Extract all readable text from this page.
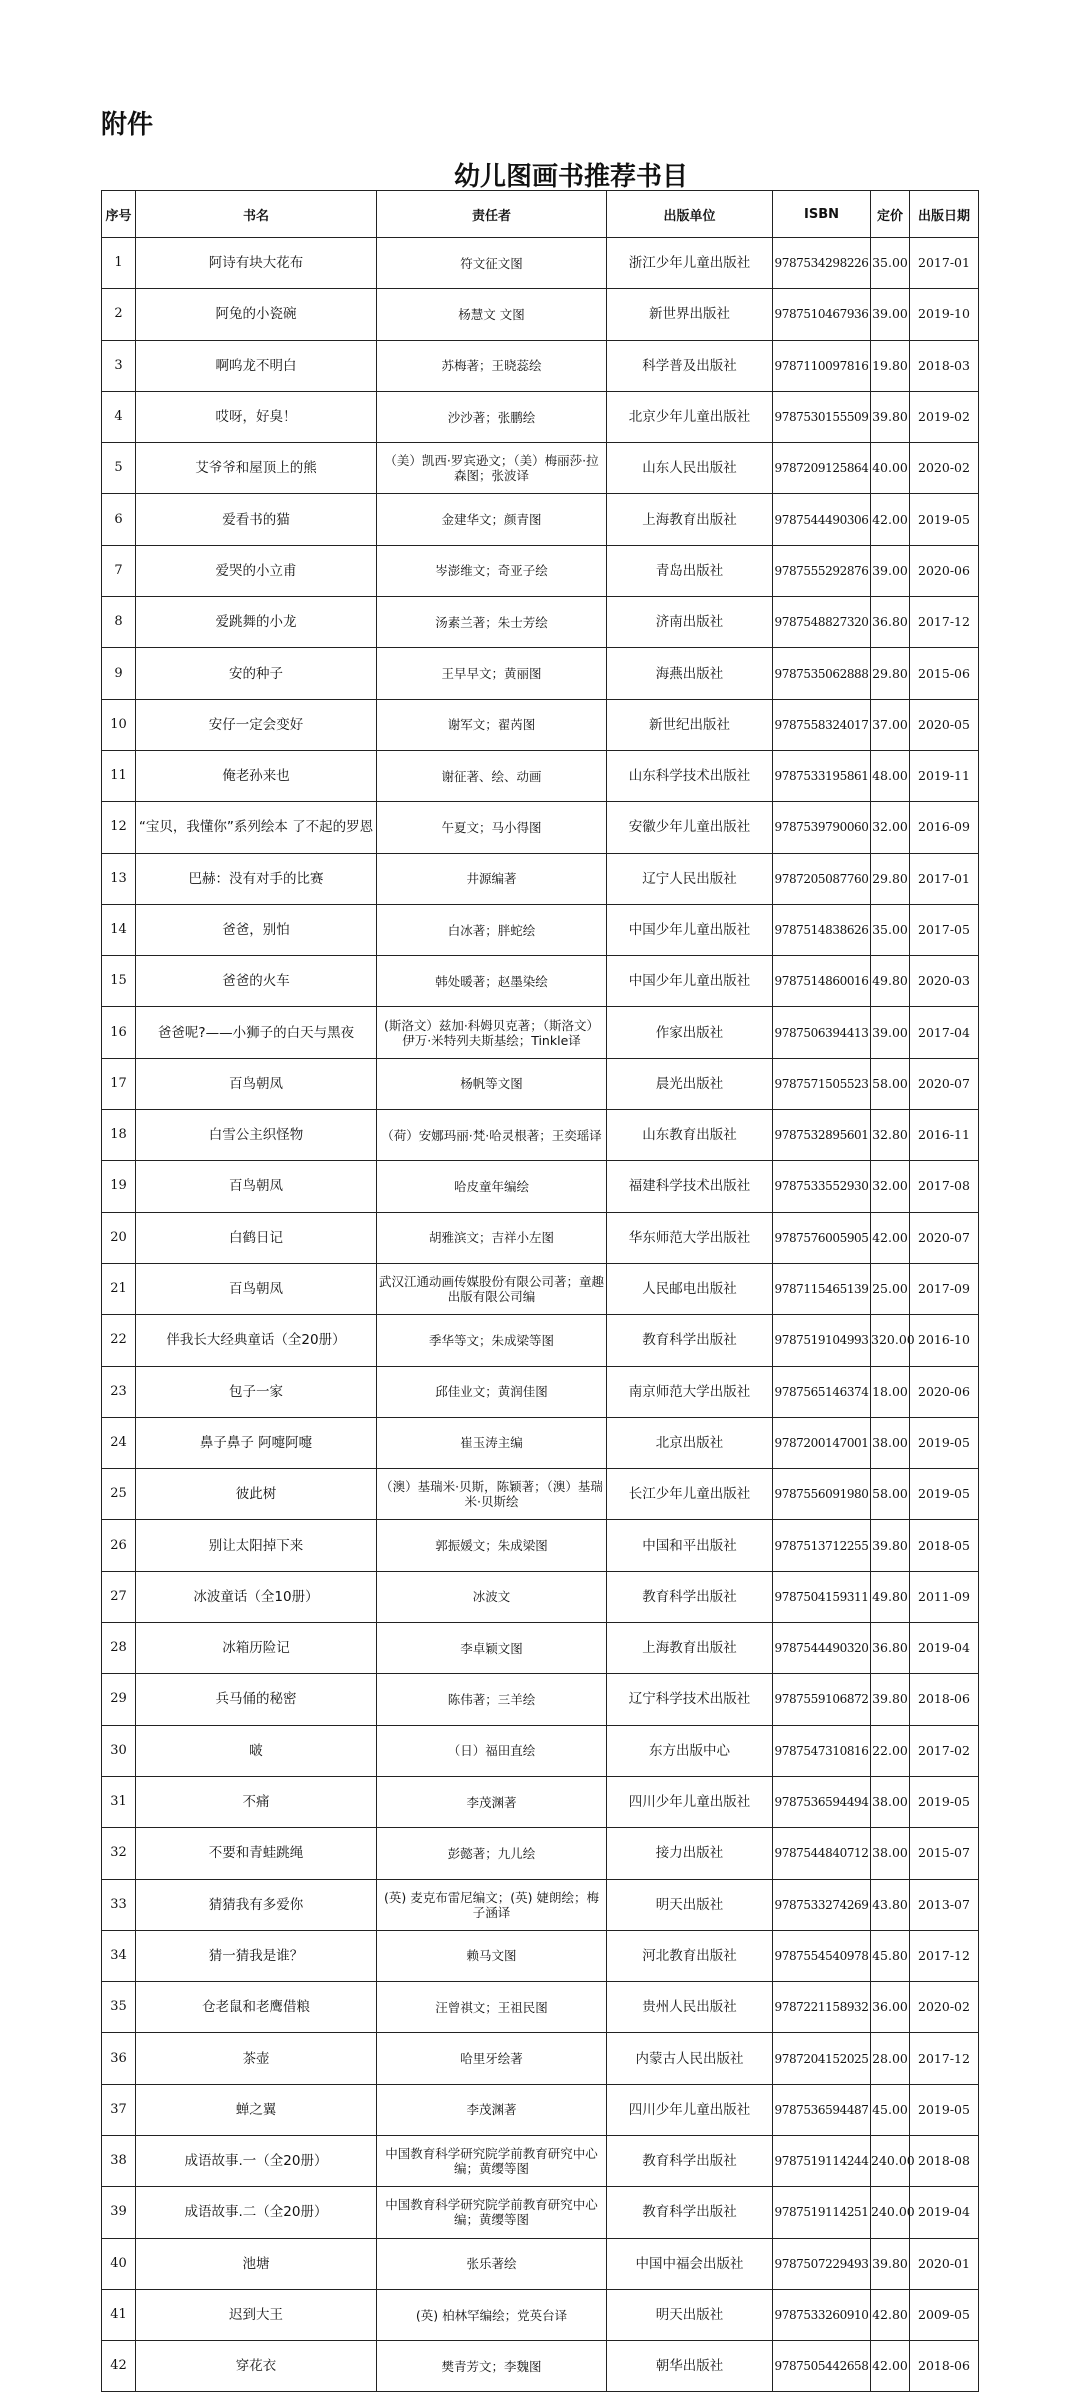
附件
幼儿图画书推荐书目
序号	书名	责任者	出版单位	ISBN	定价	出版日期
1	阿诗有块大花布	符文征文图	浙江少年儿童出版社	9787534298226	35.00	2017-01
2	阿兔的小瓷碗	杨慧文 文图	新世界出版社	9787510467936	39.00	2019-10
3	啊呜龙不明白	苏梅著；王晓蕊绘	科学普及出版社	9787110097816	19.80	2018-03
4	哎呀，好臭！	沙沙著；张鹏绘	北京少年儿童出版社	9787530155509	39.80	2019-02
5	艾爷爷和屋顶上的熊	（美）凯西·罗宾逊文；（美）梅丽莎·拉森图；张波译	山东人民出版社	9787209125864	40.00	2020-02
6	爱看书的猫	金建华文；颜青图	上海教育出版社	9787544490306	42.00	2019-05
7	爱哭的小立甫	岑澎维文；奇亚子绘	青岛出版社	9787555292876	39.00	2020-06
8	爱跳舞的小龙	汤素兰著；朱士芳绘	济南出版社	9787548827320	36.80	2017-12
9	安的种子	王早早文；黄丽图	海燕出版社	9787535062888	29.80	2015-06
10	安仔一定会变好	谢军文；翟芮图	新世纪出版社	9787558324017	37.00	2020-05
11	俺老孙来也	谢征著、绘、动画	山东科学技术出版社	9787533195861	48.00	2019-11
12	“宝贝，我懂你”系列绘本 了不起的罗恩	午夏文；马小得图	安徽少年儿童出版社	9787539790060	32.00	2016-09
13	巴赫：没有对手的比赛	井源编著	辽宁人民出版社	9787205087760	29.80	2017-01
14	爸爸，别怕	白冰著；胖蛇绘	中国少年儿童出版社	9787514838626	35.00	2017-05
15	爸爸的火车	韩处暖著；赵墨染绘	中国少年儿童出版社	9787514860016	49.80	2020-03
16	爸爸呢?——小狮子的白天与黑夜	(斯洛文）兹加·科姆贝克著；（斯洛文）伊万·米特列夫斯基绘；Tinkle译	作家出版社	9787506394413	39.00	2017-04
17	百鸟朝凤	杨帆等文图	晨光出版社	9787571505523	58.00	2020-07
18	白雪公主织怪物	（荷）安娜玛丽·梵·哈灵根著；王奕瑶译	山东教育出版社	9787532895601	32.80	2016-11
19	百鸟朝凤	哈皮童年编绘	福建科学技术出版社	9787533552930	32.00	2017-08
20	白鹤日记	胡雅滨文；吉祥小左图	华东师范大学出版社	9787576005905	42.00	2020-07
21	百鸟朝凤	武汉江通动画传媒股份有限公司著；童趣出版有限公司编	人民邮电出版社	9787115465139	25.00	2017-09
22	伴我长大经典童话（全20册）	季华等文；朱成梁等图	教育科学出版社	9787519104993	320.00	2016-10
23	包子一家	邱佳业文；黄润佳图	南京师范大学出版社	9787565146374	18.00	2020-06
24	鼻子鼻子 阿嚏阿嚏	崔玉涛主编	北京出版社	9787200147001	38.00	2019-05
25	彼此树	（澳）基瑞米·贝斯，陈颖著；（澳）基瑞米·贝斯绘	长江少年儿童出版社	9787556091980	58.00	2019-05
26	别让太阳掉下来	郭振媛文；朱成梁图	中国和平出版社	9787513712255	39.80	2018-05
27	冰波童话（全10册）	冰波文	教育科学出版社	9787504159311	49.80	2011-09
28	冰箱历险记	李卓颖文图	上海教育出版社	9787544490320	36.80	2019-04
29	兵马俑的秘密	陈伟著；三羊绘	辽宁科学技术出版社	9787559106872	39.80	2018-06
30	啵	（日）福田直绘	东方出版中心	9787547310816	22.00	2017-02
31	不痛	李茂渊著	四川少年儿童出版社	9787536594494	38.00	2019-05
32	不要和青蛙跳绳	彭懿著；九儿绘	接力出版社	9787544840712	38.00	2015-07
33	猜猜我有多爱你	(英) 麦克布雷尼编文；(英) 婕朗绘；梅子涵译	明天出版社	9787533274269	43.80	2013-07
34	猜一猜我是谁？	赖马文图	河北教育出版社	9787554540978	45.80	2017-12
35	仓老鼠和老鹰借粮	汪曾祺文；王祖民图	贵州人民出版社	9787221158932	36.00	2020-02
36	茶壶	哈里牙绘著	内蒙古人民出版社	9787204152025	28.00	2017-12
37	蝉之翼	李茂渊著	四川少年儿童出版社	9787536594487	45.00	2019-05
38	成语故事.一（全20册）	中国教育科学研究院学前教育研究中心编；黄缨等图	教育科学出版社	9787519114244	240.00	2018-08
39	成语故事.二（全20册）	中国教育科学研究院学前教育研究中心编；黄缨等图	教育科学出版社	9787519114251	240.00	2019-04
40	池塘	张乐著绘	中国中福会出版社	9787507229493	39.80	2020-01
41	迟到大王	(英) 柏林罕编绘；党英台译	明天出版社	9787533260910	42.80	2009-05
42	穿花衣	樊青芳文；李魏图	朝华出版社	9787505442658	42.00	2018-06
